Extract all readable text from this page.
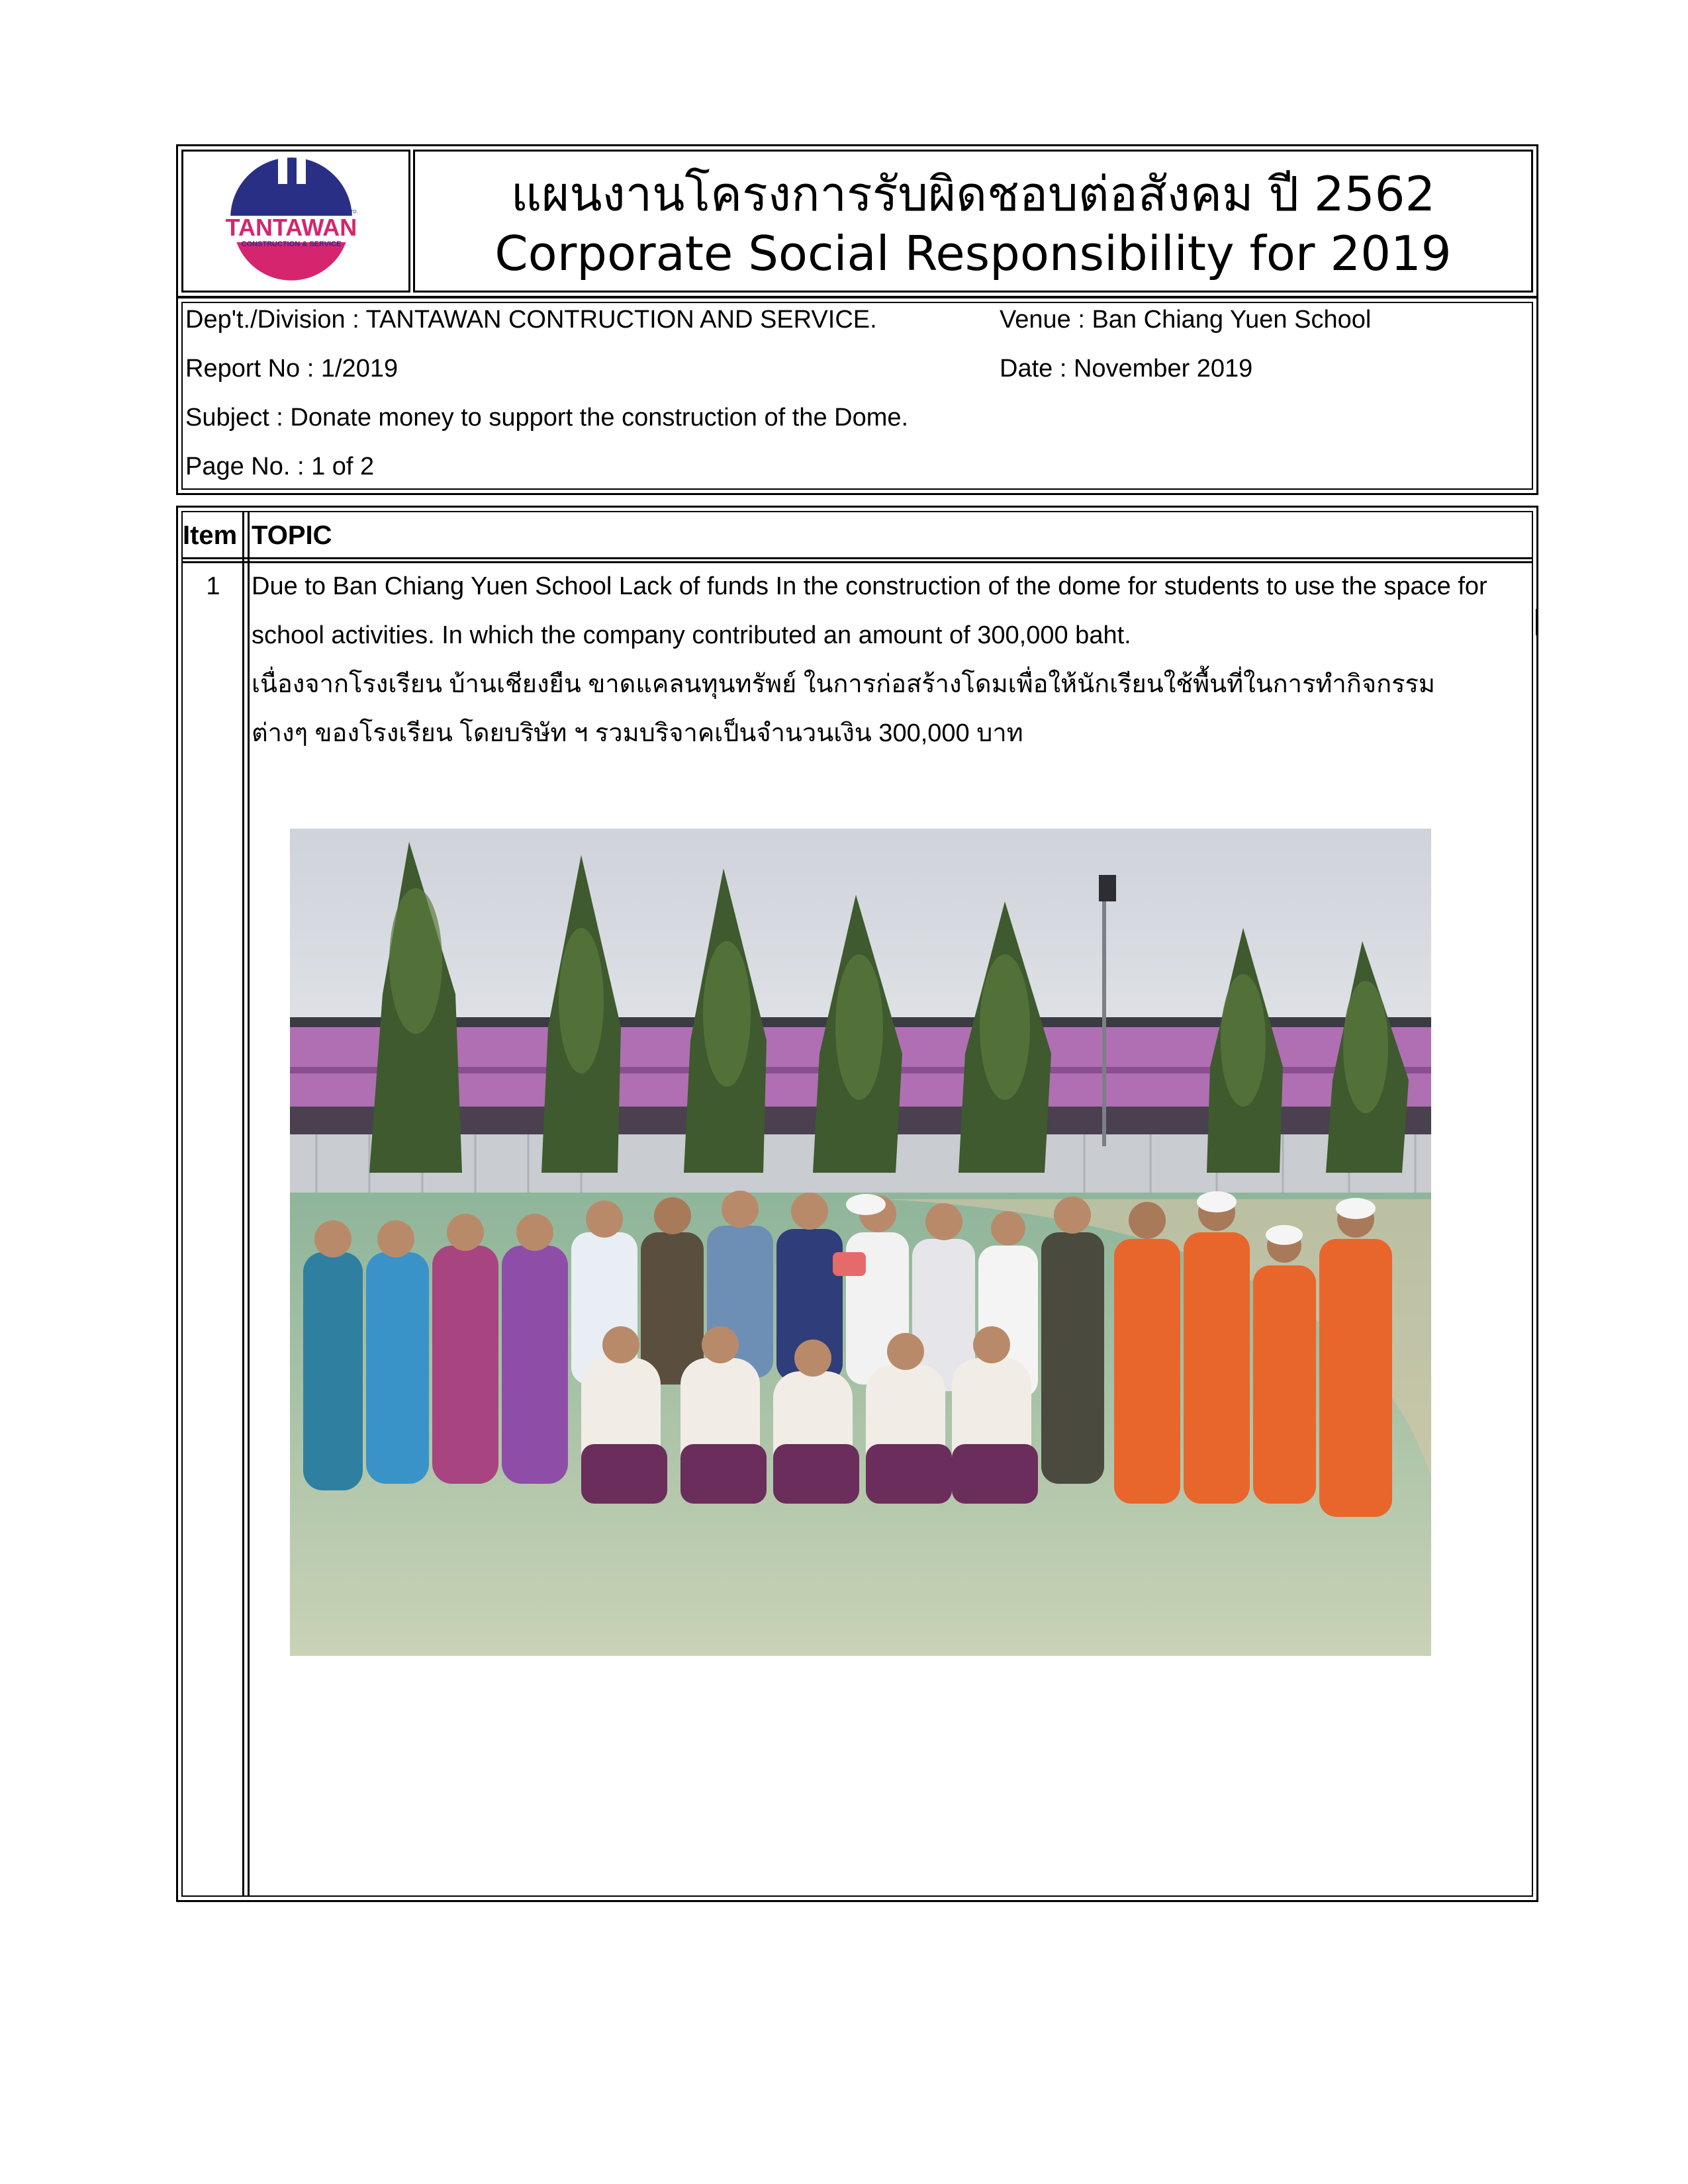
TANTAWAN
CONSTRUCTION & SERVICE
CO.,LTD.	แผนงานโครงการรับผิดชอบต่อสังคม ปี 2562
Corporate Social Responsibility for 2019
Dep't./Division : TANTAWAN CONTRUCTION AND SERVICE.	Venue : Ban Chiang Yuen School
Report No : 1/2019	Date : November 2019
Subject : Donate money to support the construction of the Dome.
Page No. : 1 of 2
Item TOPIC
1	Due to Ban Chiang Yuen School Lack of funds In the construction of the dome for students to use the space for
school activities. In which the company contributed an amount of 300,000 baht.
เนื่องจากโรงเรียน บ้านเชียงยืน ขาดแคลนทุนทรัพย์ ในการก่อสร้างโดมเพื่อให้นักเรียนใช้พื้นที่ในการทำกิจกรรม
ต่างๆ ของโรงเรียน โดยบริษัท ฯ รวมบริจาคเป็นจำนวนเงิน 300,000 บาท
